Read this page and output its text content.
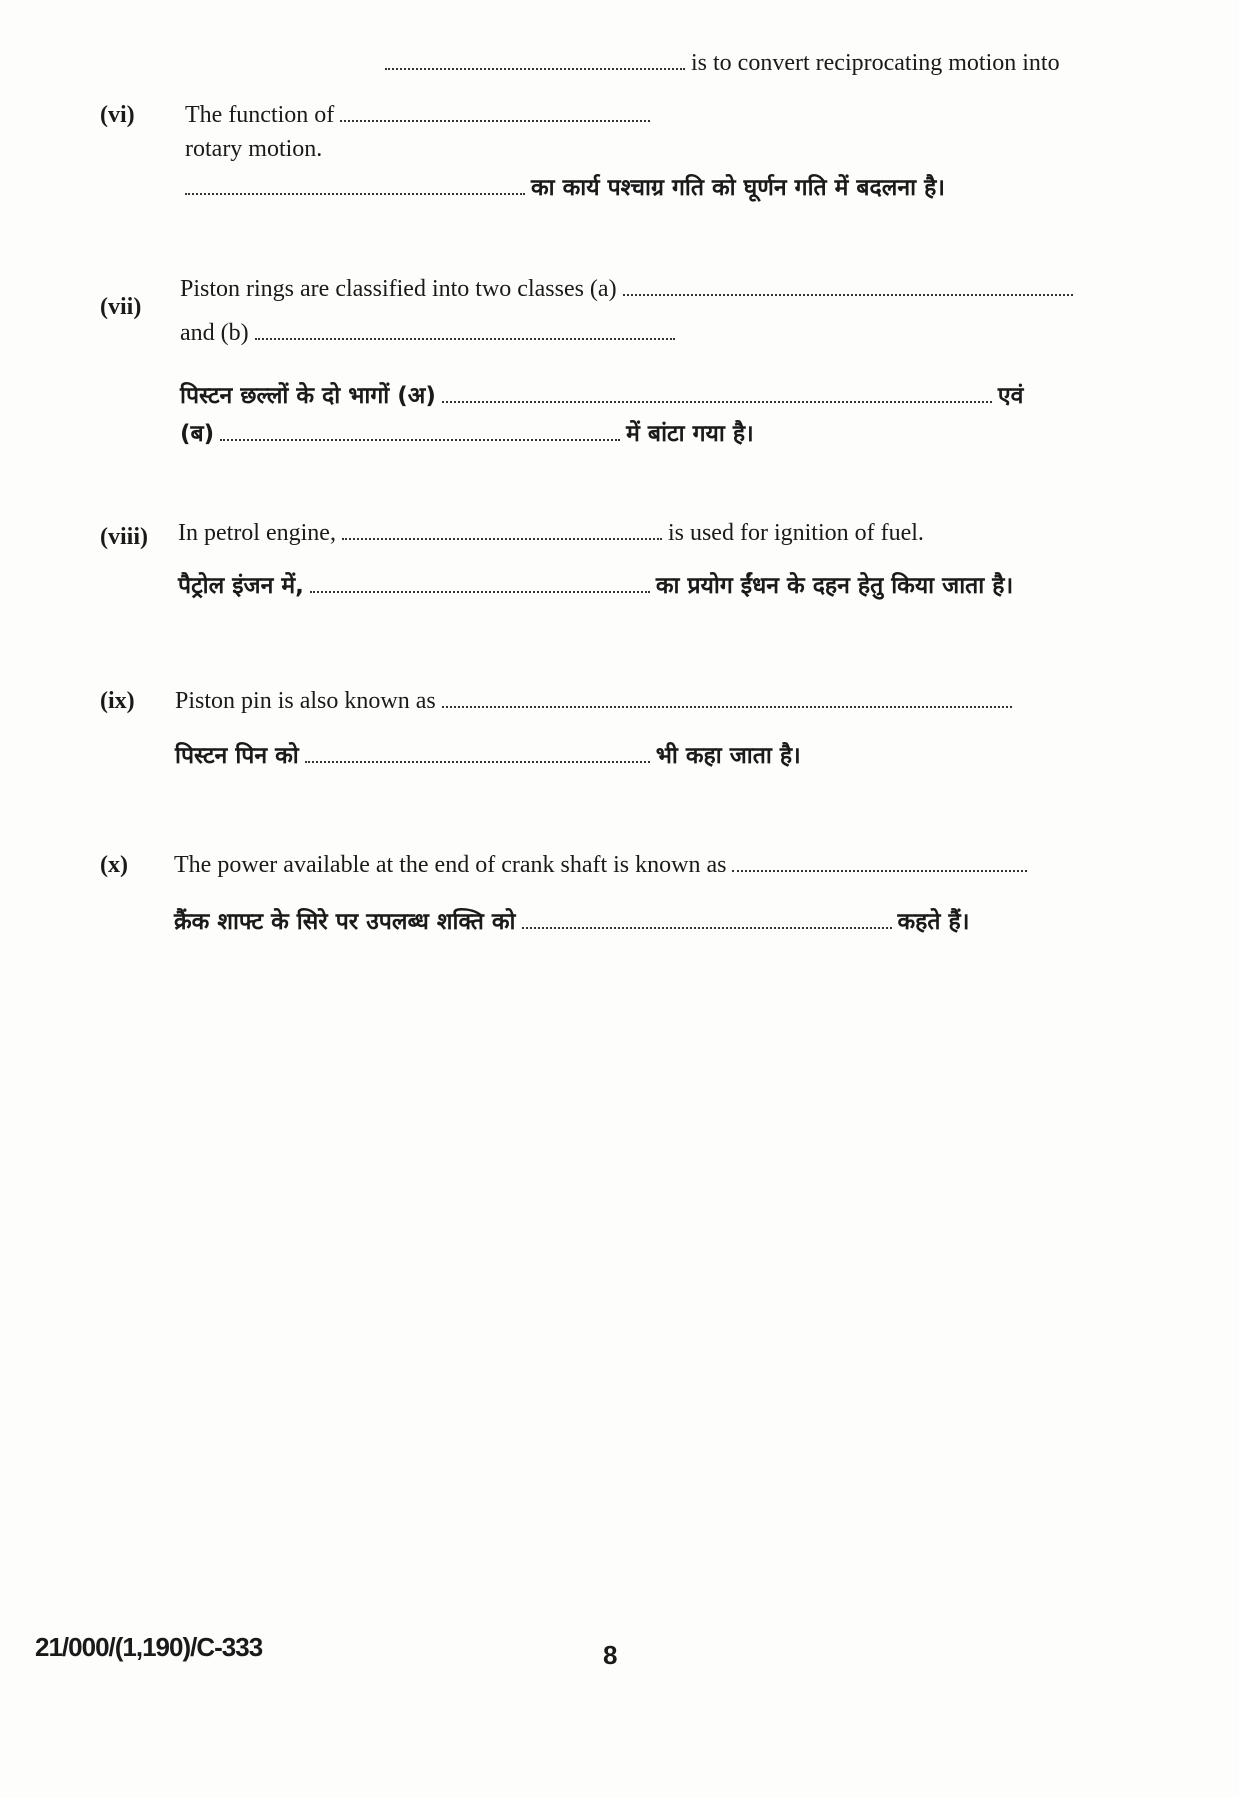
(vi)
is to convert reciprocating motion into
The function of
rotary motion.
का कार्य पश्चाग्र गति को घूर्णन गति में बदलना है।
(vii)
Piston rings are classified into two classes (a)
and (b)
पिस्टन छल्लों के दो भागों (अ)	एवं
(ब)	में बांटा गया है।
(viii) In petrol engine,	is used for ignition of fuel.
पैट्रोल इंजन में,	का प्रयोग ईंधन के दहन हेतु किया जाता है।
(ix) Piston pin is also known as
पिस्टन पिन को	भी कहा जाता है।
(x) The power available at the end of crank shaft is known as
क्रैंक शाफ्ट के सिरे पर उपलब्ध शक्ति को	कहते हैं।
21/000/(1,190)/C-333	8
